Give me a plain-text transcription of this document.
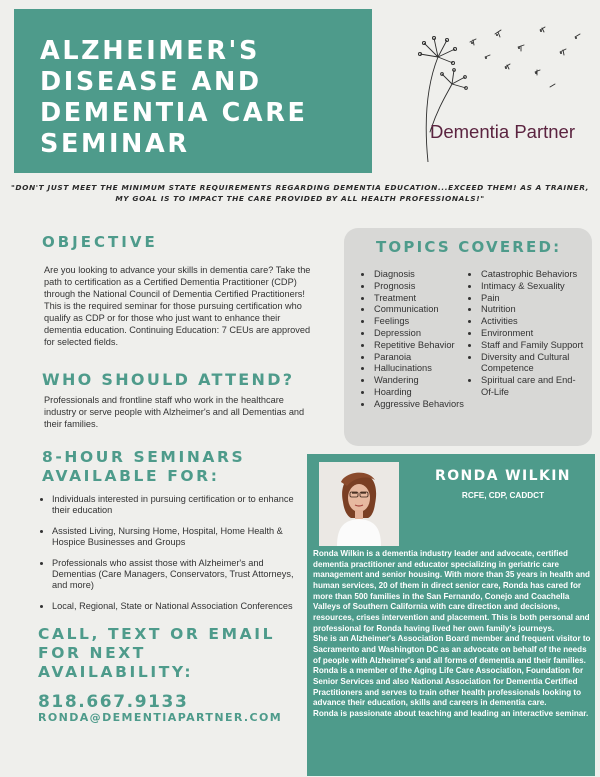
ALZHEIMER'S
DISEASE AND
DEMENTIA CARE
SEMINAR	Dementia Partner
"DON'T JUST MEET THE MINIMUM STATE REQUIREMENTS REGARDING DEMENTIA EDUCATION...EXCEED THEM! AS A TRAINER, MY GOAL IS TO IMPACT THE CARE PROVIDED BY ALL HEALTH PROFESSIONALS!"
OBJECTIVE
Are you looking to advance your skills in dementia care? Take the path to certification as a Certified Dementia Practitioner (CDP) through the National Council of Dementia Certified Practitioners! This is the required seminar for those pursuing certification who qualify as CDP or for those who just want to enhance their dementia education. Continuing Education: 7 CEUs are approved for selected fields.
WHO SHOULD ATTEND?
Professionals and frontline staff who work in the healthcare industry or serve people with Alzheimer's and all Dementias and their families.
8-HOUR SEMINARS
AVAILABLE FOR:
• Individuals interested in pursuing certification or to enhance their education
• Assisted Living, Nursing Home, Hospital, Home Health & Hospice Businesses and Groups
• Professionals who assist those with Alzheimer's and Dementias (Care Managers, Conservators, Trust Attorneys, and more)
• Local, Regional, State or National Association Conferences
CALL, TEXT OR EMAIL
FOR NEXT
AVAILABILITY:
818.667.9133
RONDA@DEMENTIAPARTNER.COM
TOPICS COVERED:
• Diagnosis
• Prognosis
• Treatment
• Communication
• Feelings
• Depression
• Repetitive Behavior
• Paranoia
• Hallucinations
• Wandering
• Hoarding
• Aggressive Behaviors
• Catastrophic Behaviors
• Intimacy & Sexuality
• Pain
• Nutrition
• Activities
• Environment
• Staff and Family Support
• Diversity and Cultural Competence
• Spiritual care and End-Of-Life
RONDA WILKIN
RCFE, CDP, CADDCT
Ronda Wilkin is a dementia industry leader and advocate, certified dementia practitioner and educator specializing in geriatric care management and senior housing. With more than 35 years in health and human services, 20 of them in direct senior care, Ronda has cared for more than 500 families in the San Fernando, Conejo and Coachella Valleys of Southern California with care direction and decisions, resources, crises intervention and placement. This is both personal and professional for Ronda having lived her own family's journeys.
She is an Alzheimer's Association Board member and frequent visitor to Sacramento and Washington DC as an advocate on behalf of the needs of people with Alzheimer's and all forms of dementia and their families. Ronda is a member of the Aging Life Care Association, Foundation for Senior Services and also National Association for Dementia Certified Practitioners and serves to train other health professionals looking to advance their education, skills and careers in dementia care.
Ronda is passionate about teaching and leading an interactive seminar.
